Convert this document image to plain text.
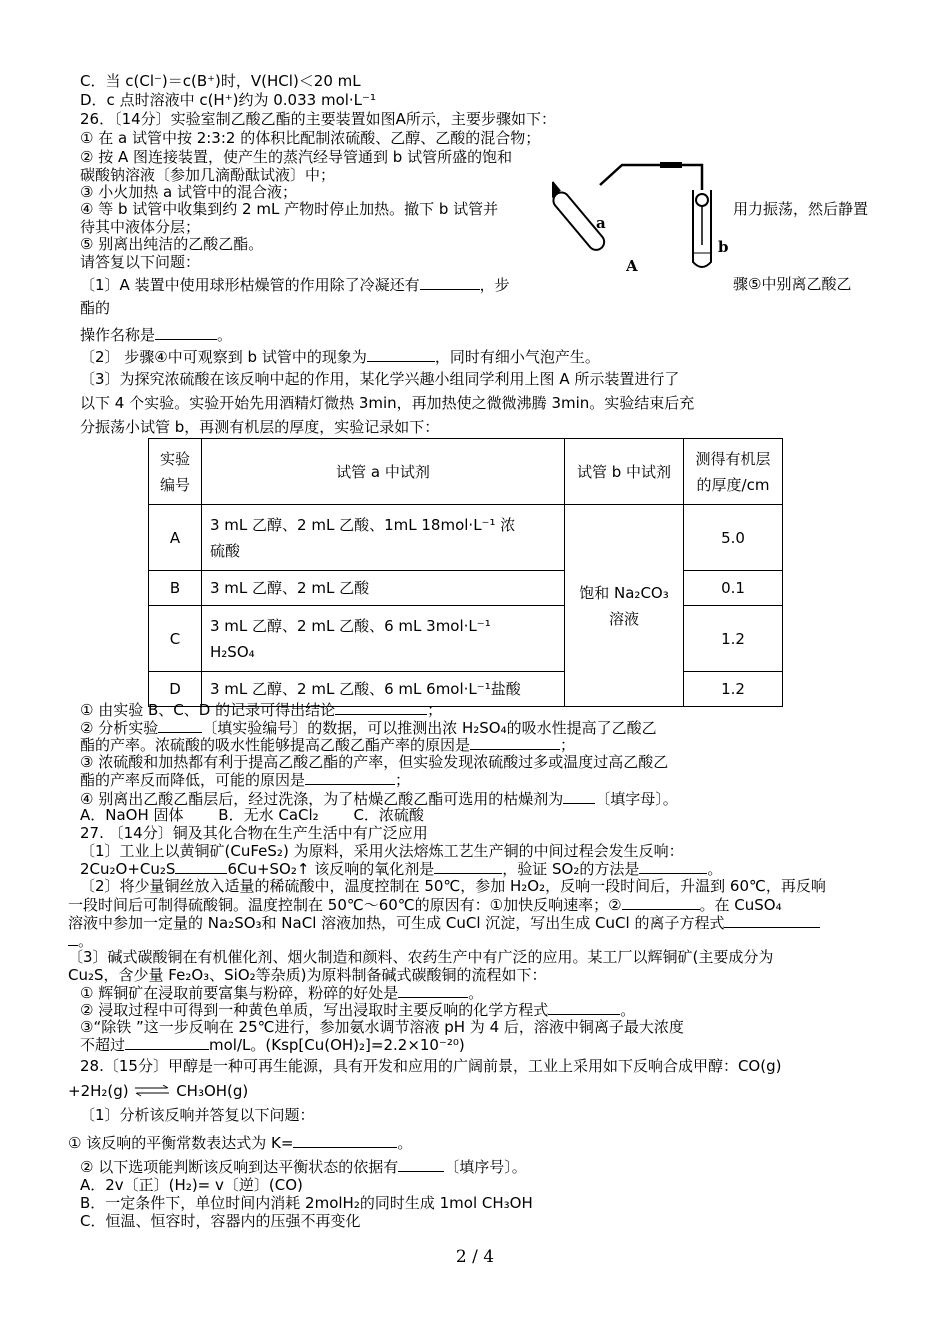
C．当 c(Cl⁻)＝c(B⁺)时，V(HCl)＜20 mL
D．c 点时溶液中 c(H⁺)约为 0.033 mol·L⁻¹
26．〔14分〕实验室制乙酸乙酯的主要装置如图A所示，主要步骤如下：
① 在 a 试管中按 2:3:2 的体积比配制浓硫酸、乙醇、乙酸的混合物；
② 按 A 图连接装置，使产生的蒸汽经导管通到 b 试管所盛的饱和
碳酸钠溶液〔参加几滴酚酞试液〕中；
③ 小火加热 a 试管中的混合液；
④ 等 b 试管中收集到约 2 mL 产物时停止加热。撤下 b 试管并	用力振荡，然后静置
待其中液体分层；
⑤ 别离出纯洁的乙酸乙酯。
请答复以下问题：
a
b
A
〔1〕A 装置中使用球形枯燥管的作用除了冷凝还有	，步	骤⑤中别离乙酸乙
酯的
操作名称是	。
〔2〕 步骤④中可观察到 b 试管中的现象为	，同时有细小气泡产生。
〔3〕为探究浓硫酸在该反响中起的作用，某化学兴趣小组同学利用上图 A 所示装置进行了
以下 4 个实验。实验开始先用酒精灯微热 3min，再加热使之微微沸腾 3min。实验结束后充
分振荡小试管 b，再测有机层的厚度，实验记录如下：
实验
编号	试管 a 中试剂	试管 b 中试剂	测得有机层
的厚度/cm
A	3 mL 乙醇、2 mL 乙酸、1mL 18mol·L⁻¹ 浓
硫酸	饱和 Na₂CO₃
溶液	5.0
B	3 mL 乙醇、2 mL 乙酸		0.1
C	3 mL 乙醇、2 mL 乙酸、6 mL 3mol·L⁻¹
H₂SO₄		1.2
D	3 mL 乙醇、2 mL 乙酸、6 mL 6mol·L⁻¹盐酸		1.2
① 由实验 B、C、D 的记录可得出结论	；
② 分析实验	〔填实验编号〕的数据，可以推测出浓 H₂SO₄的吸水性提高了乙酸乙
酯的产率。浓硫酸的吸水性能够提高乙酸乙酯产率的原因是	；
③ 浓硫酸和加热都有利于提高乙酸乙酯的产率，但实验发现浓硫酸过多或温度过高乙酸乙
酯的产率反而降低，可能的原因是	；
④ 别离出乙酸乙酯层后，经过洗涤，为了枯燥乙酸乙酯可选用的枯燥剂为 〔填字母〕。
A．NaOH 固体　　 B．无水 CaCl₂　　 C．浓硫酸
27. 〔14分〕铜及其化合物在生产生活中有广泛应用
〔1〕工业上以黄铜矿(CuFeS₂) 为原料，采用火法熔炼工艺生产铜的中间过程会发生反响：
2Cu₂O+Cu₂S	6Cu+SO₂↑ 该反响的氧化剂是	，验证 SO₂的方法是	。
〔2〕将少量铜丝放入适量的稀硫酸中，温度控制在 50℃，参加 H₂O₂，反响一段时间后，升温到 60℃，再反响
一段时间后可制得硫酸铜。温度控制在 50℃～60℃的原因有：①加快反响速率；②	。在 CuSO₄
溶液中参加一定量的 Na₂SO₃和 NaCl 溶液加热，可生成 CuCl 沉淀，写出生成 CuCl 的离子方程式
。
〔3〕碱式碳酸铜在有机催化剂、烟火制造和颜料、农药生产中有广泛的应用。某工厂以辉铜矿(主要成分为
Cu₂S，含少量 Fe₂O₃、SiO₂等杂质)为原料制备碱式碳酸铜的流程如下：
① 辉铜矿在浸取前要富集与粉碎，粉碎的好处是	。
② 浸取过程中可得到一种黄色单质，写出浸取时主要反响的化学方程式	。
③“除铁 ”这一步反响在 25℃进行，参加氨水调节溶液 pH 为 4 后，溶液中铜离子最大浓度
不超过	mol/L。(Ksp[Cu(OH)₂]=2.2×10⁻²⁰)
28.〔15分〕甲醇是一种可再生能源，具有开发和应用的广阔前景，工业上采用如下反响合成甲醇：CO(g)
+2H₂(g) ⇌ CH₃OH(g)
〔1〕分析该反响并答复以下问题：
① 该反响的平衡常数表达式为 K=	。
② 以下选项能判断该反响到达平衡状态的依据有	〔填序号〕。
A．2v〔正〕(H₂)= v〔逆〕(CO)
B．一定条件下，单位时间内消耗 2molH₂的同时生成 1mol CH₃OH
C．恒温、恒容时，容器内的压强不再变化
2 / 4
